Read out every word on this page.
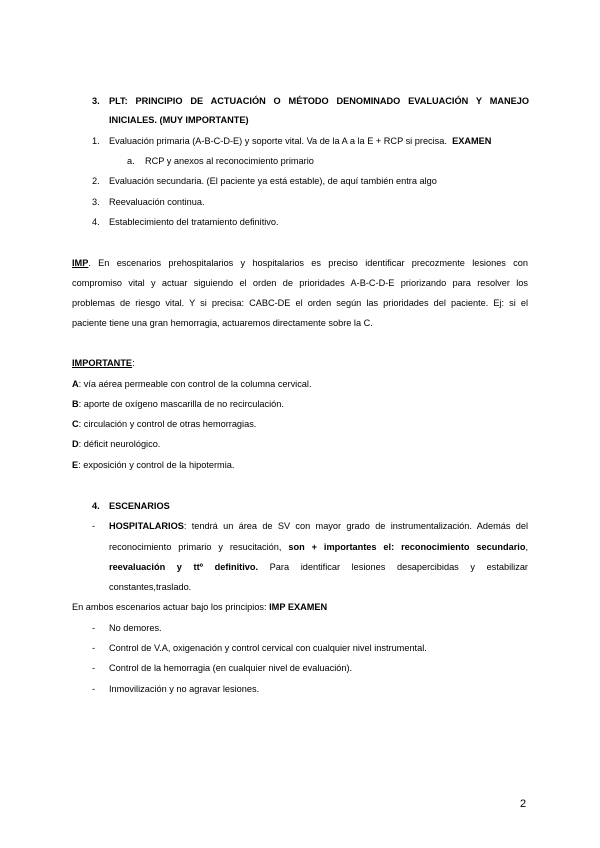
3. PLT: PRINCIPIO DE ACTUACIÓN O MÉTODO DENOMINADO EVALUACIÓN Y MANEJO
INICIALES. (MUY IMPORTANTE)
1. Evaluación primaria (A-B-C-D-E) y soporte vital. Va de la A a la E + RCP si precisa. EXAMEN
a. RCP y anexos al reconocimiento primario
2. Evaluación secundaria. (El paciente ya está estable), de aquí también entra algo
3. Reevaluación continua.
4. Establecimiento del tratamiento definitivo.
IMP. En escenarios prehospitalarios y hospitalarios es preciso identificar precozmente lesiones con
compromiso vital y actuar siguiendo el orden de prioridades A-B-C-D-E priorizando para resolver los
problemas de riesgo vital. Y si precisa: CABC-DE el orden según las prioridades del paciente. Ej: si el
paciente tiene una gran hemorragia, actuaremos directamente sobre la C.
IMPORTANTE:
A: vía aérea permeable con control de la columna cervical.
B: aporte de oxígeno mascarilla de no recirculación.
C: circulación y control de otras hemorragias.
D: déficit neurológico.
E: exposición y control de la hipotermia.
4. ESCENARIOS
- HOSPITALARIOS: tendrá un área de SV con mayor grado de instrumentalización. Además del
reconocimiento primario y resucitación, son + importantes el: reconocimiento secundario,
reevaluación y ttº definitivo. Para identificar lesiones desapercibidas y estabilizar
constantes,traslado.
En ambos escenarios actuar bajo los principios: IMP EXAMEN
- No demores.
- Control de V.A, oxigenación y control cervical con cualquier nivel instrumental.
- Control de la hemorragia (en cualquier nivel de evaluación).
- Inmovilización y no agravar lesiones.
2
